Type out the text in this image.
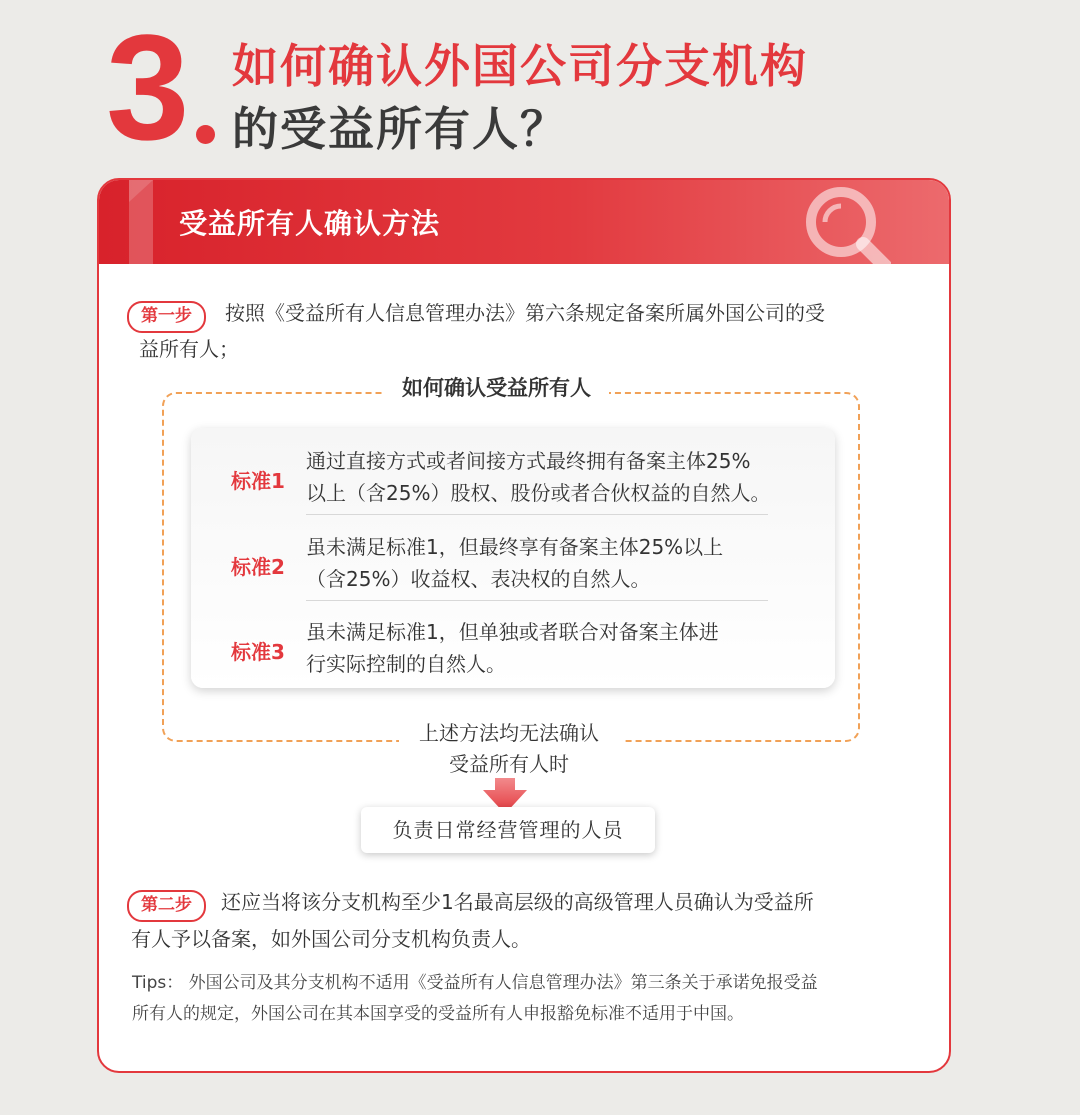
3 如何确认外国公司分支机构
的受益所有人？
受益所有人确认方法
第一步	按照《受益所有人信息管理办法》第六条规定备案所属外国公司的受
益所有人；
如何确认受益所有人
标准1
通过直接方式或者间接方式最终拥有备案主体25%
以上（含25%）股权、股份或者合伙权益的自然人。
标准2
虽未满足标准1，但最终享有备案主体25%以上
（含25%）收益权、表决权的自然人。
标准3
虽未满足标准1，但单独或者联合对备案主体进
行实际控制的自然人。
上述方法均无法确认
受益所有人时
负责日常经营管理的人员
第二步	还应当将该分支机构至少1名最高层级的高级管理人员确认为受益所
有人予以备案，如外国公司分支机构负责人。
Tips： 外国公司及其分支机构不适用《受益所有人信息管理办法》第三条关于承诺免报受益
所有人的规定，外国公司在其本国享受的受益所有人申报豁免标准不适用于中国。
